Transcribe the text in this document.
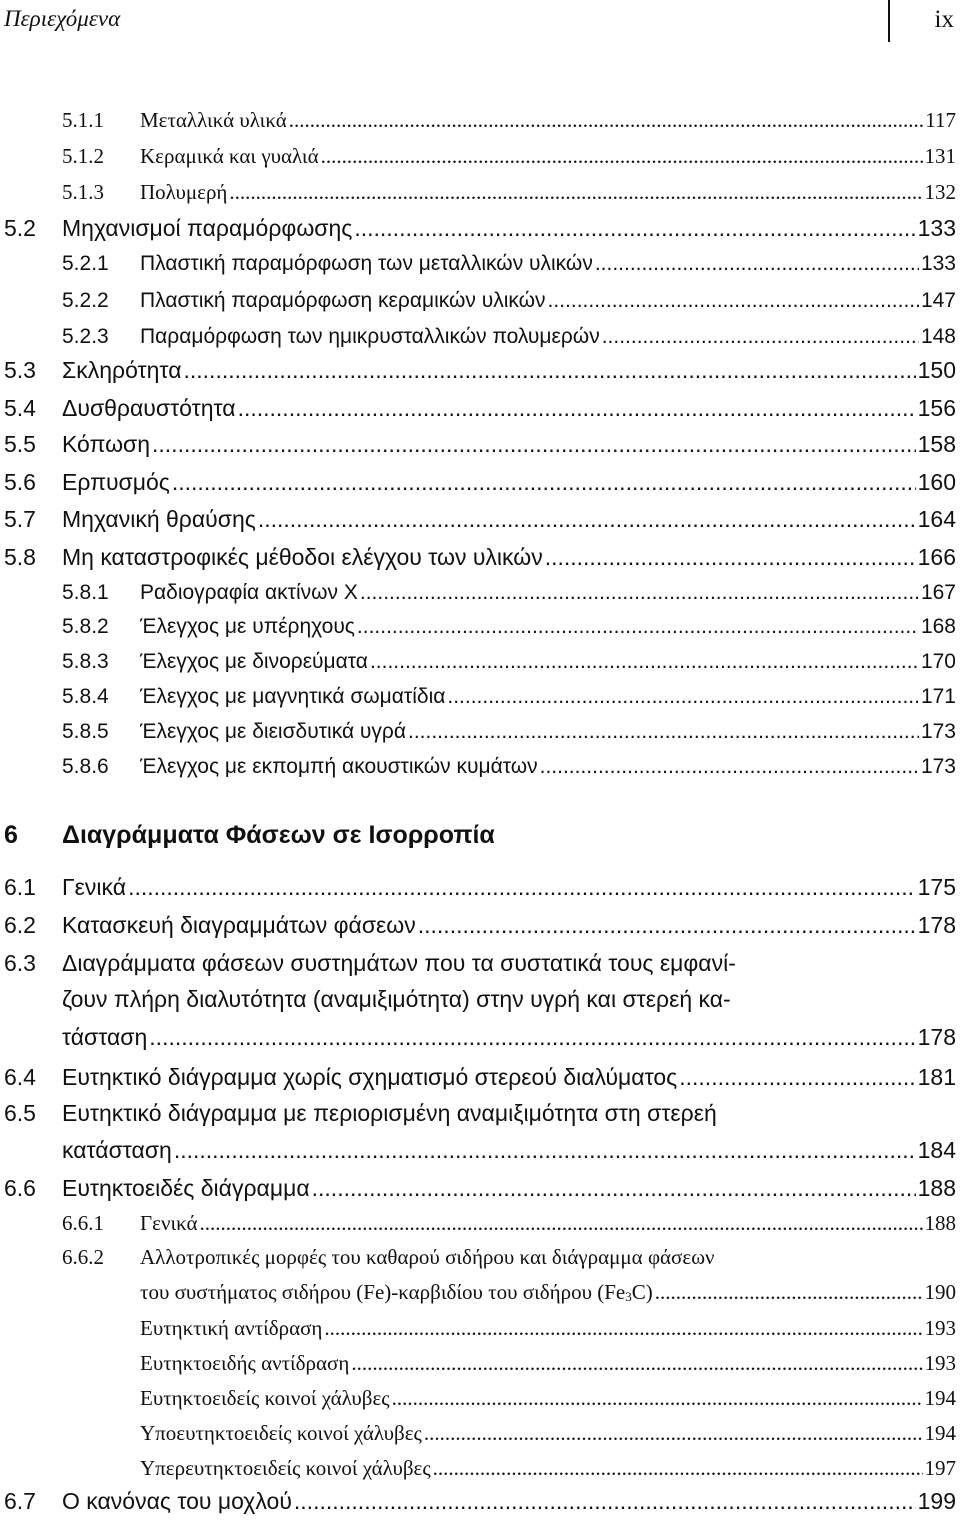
Περιεχόμενα	ix
5.1.1	Μεταλλικά υλικά .....	117
5.1.2	Κεραμικά και γυαλιά .....	131
5.1.3	Πολυμερή .....	132
5.2	Μηχανισμοί παραμόρφωσης .....	133
5.2.1	Πλαστική παραμόρφωση των μεταλλικών υλικών .....	133
5.2.2	Πλαστική παραμόρφωση κεραμικών υλικών .....	147
5.2.3	Παραμόρφωση των ημικρυσταλλικών πολυμερών .....	148
5.3	Σκληρότητα .....	150
5.4	Δυσθραυστότητα .....	156
5.5	Κόπωση .....	158
5.6	Ερπυσμός .....	160
5.7	Μηχανική θραύσης .....	164
5.8	Μη καταστροφικές μέθοδοι ελέγχου των υλικών .....	166
5.8.1	Ραδιογραφία ακτίνων Χ .....	167
5.8.2	Έλεγχος με υπέρηχους .....	168
5.8.3	Έλεγχος με δινορεύματα .....	170
5.8.4	Έλεγχος με μαγνητικά σωματίδια .....	171
5.8.5	Έλεγχος με διεισδυτικά υγρά .....	173
5.8.6	Έλεγχος με εκπομπή ακουστικών κυμάτων .....	173
6	Διαγράμματα Φάσεων σε Ισορροπία
6.1	Γενικά .....	175
6.2	Κατασκευή διαγραμμάτων φάσεων .....	178
6.3 Διαγράμματα φάσεων συστημάτων που τα συστατικά τους εμφανί-
ζουν πλήρη διαλυτότητα (αναμιξιμότητα) στην υγρή και στερεή κα-
τάσταση .....	178
6.4	Ευτηκτικό διάγραμμα χωρίς σχηματισμό στερεού διαλύματος .....	181
6.5 Ευτηκτικό διάγραμμα με περιορισμένη αναμιξιμότητα στη στερεή
κατάσταση .....	184
6.6	Ευτηκτοειδές διάγραμμα .....	188
6.6.1	Γενικά .....	188
6.6.2 Αλλοτροπικές μορφές του καθαρού σιδήρου και διάγραμμα φάσεων
του συστήματος σιδήρου (Fe)-καρβιδίου του σιδήρου $(Fe_3C)$ .....	190
Ευτηκτική αντίδραση .....	193
Ευτηκτοειδής αντίδραση .....	193
Ευτηκτοειδείς κοινοί χάλυβες .....	194
Υποευτηκτοειδείς κοινοί χάλυβες .....	194
Υπερευτηκτοειδείς κοινοί χάλυβες .....	197
6.7	Ο κανόνας του μοχλού .....	199
